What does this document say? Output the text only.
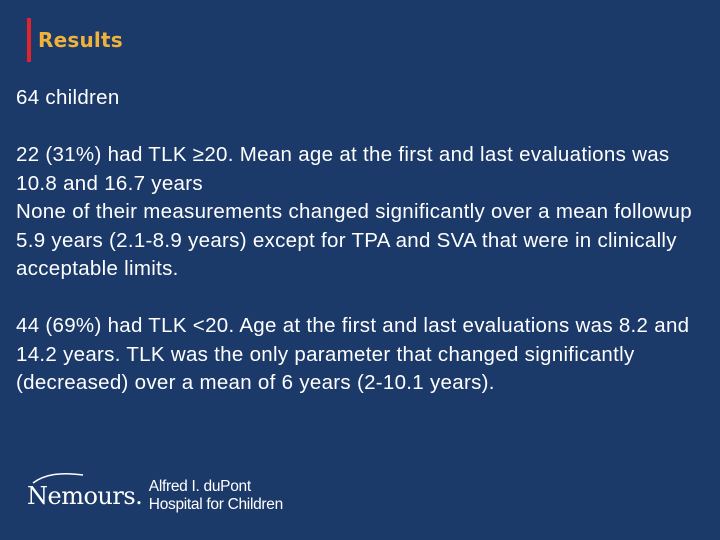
Results

64 children

22 (31%) had TLK ≥20. Mean age at the first and last evaluations was 10.8 and 16.7 years

None of their measurements changed significantly over a mean followup 5.9 years (2.1-8.9 years) except for TPA and SVA that were in clinically acceptable limits.

44 (69%) had TLK <20. Age at the first and last evaluations was 8.2 and 14.2 years. TLK was the only parameter that changed significantly (decreased) over a mean of 6 years (2-10.1 years).

Nemours . Alfred I. duPont
Hospital for Children
